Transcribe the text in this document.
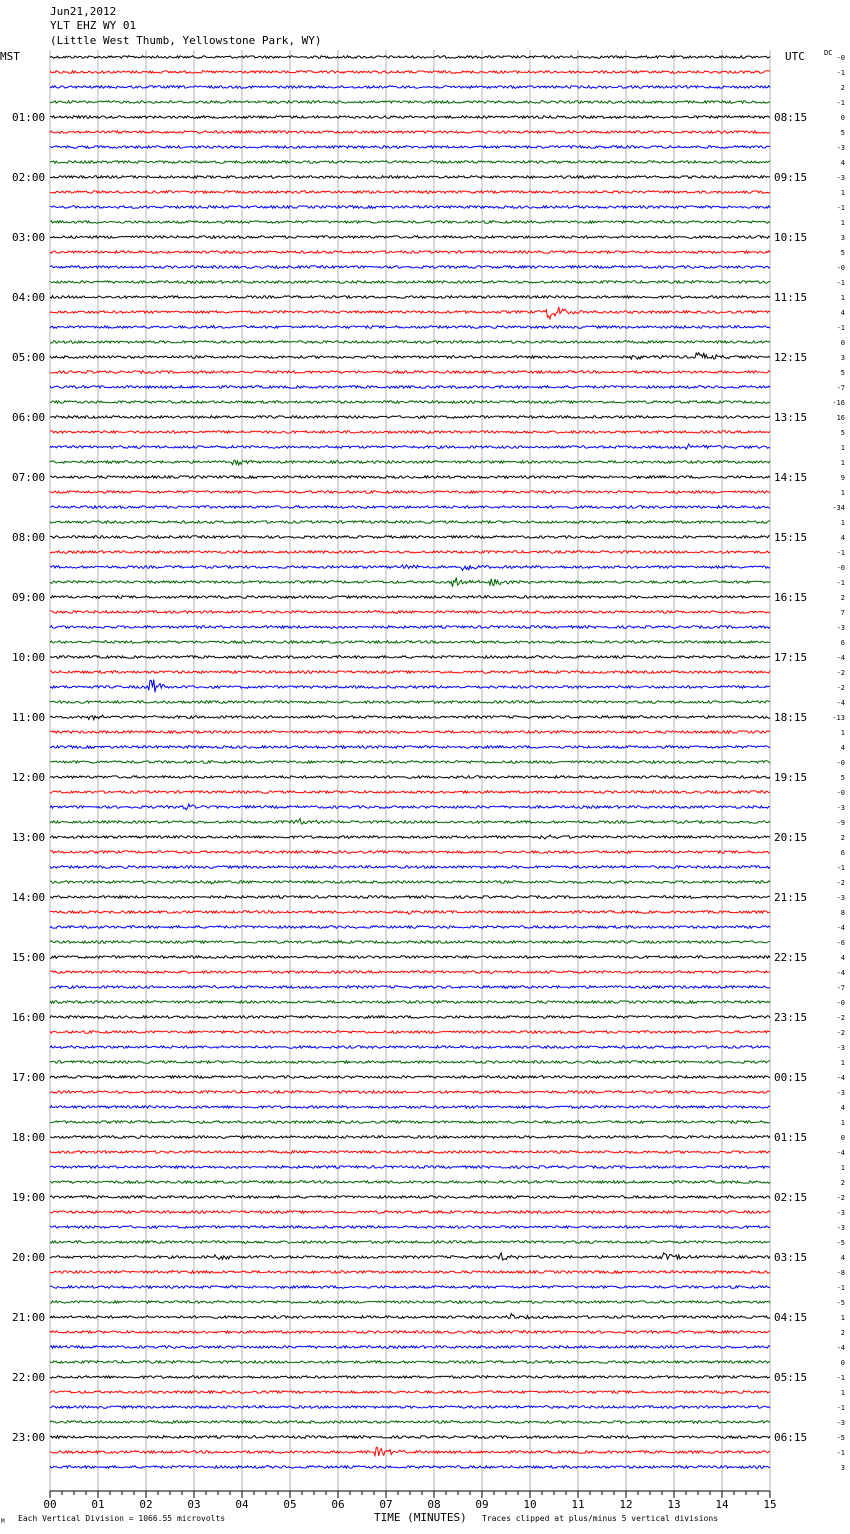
Jun21,2012
YLT EHZ WY 01
(Little West Thumb, Yellowstone Park, WY)
MST	UTC	DC
01:00
02:00
03:00
04:00
05:00
06:00
07:00
08:00
09:00
10:00
11:00
12:00
13:00
14:00
15:00
16:00
17:00
18:00
19:00
20:00
21:00
22:00
23:00
08:15
09:15
10:15
11:15
12:15
13:15
14:15
15:15
16:15
17:15
18:15
19:15
20:15
21:15
22:15
23:15
00:15
01:15
02:15
03:15
04:15
05:15
06:15
-0
-1
2
-1
0
5
-3
4
-3
1
-1
1
3
5
-0
-1
1
4
-1
0
3
5
-7
-16
16
5
1
1
9
1
-34
1
4
-1
-0
-1
2
7
-3
6
-4
-2
-2
-4
-13
1
4
-0
5
-0
-3
-9
2
6
-1
-2
-3
8
-4
-6
4
-4
-7
-0
-2
-2
-3
1
-4
-3
4
1
0
-4
1
2
-2
-3
-3
-5
4
-8
-1
-5
1
2
-4
0
-1
1
-1
-3
-5
-1
3
00	01	02	03	04	05	06	07	08	09	10	11	12	13	14	15
Each Vertical Division = 1066.55 microvolts	TIME (MINUTES) Traces clipped at plus/minus 5 vertical divisions
M
